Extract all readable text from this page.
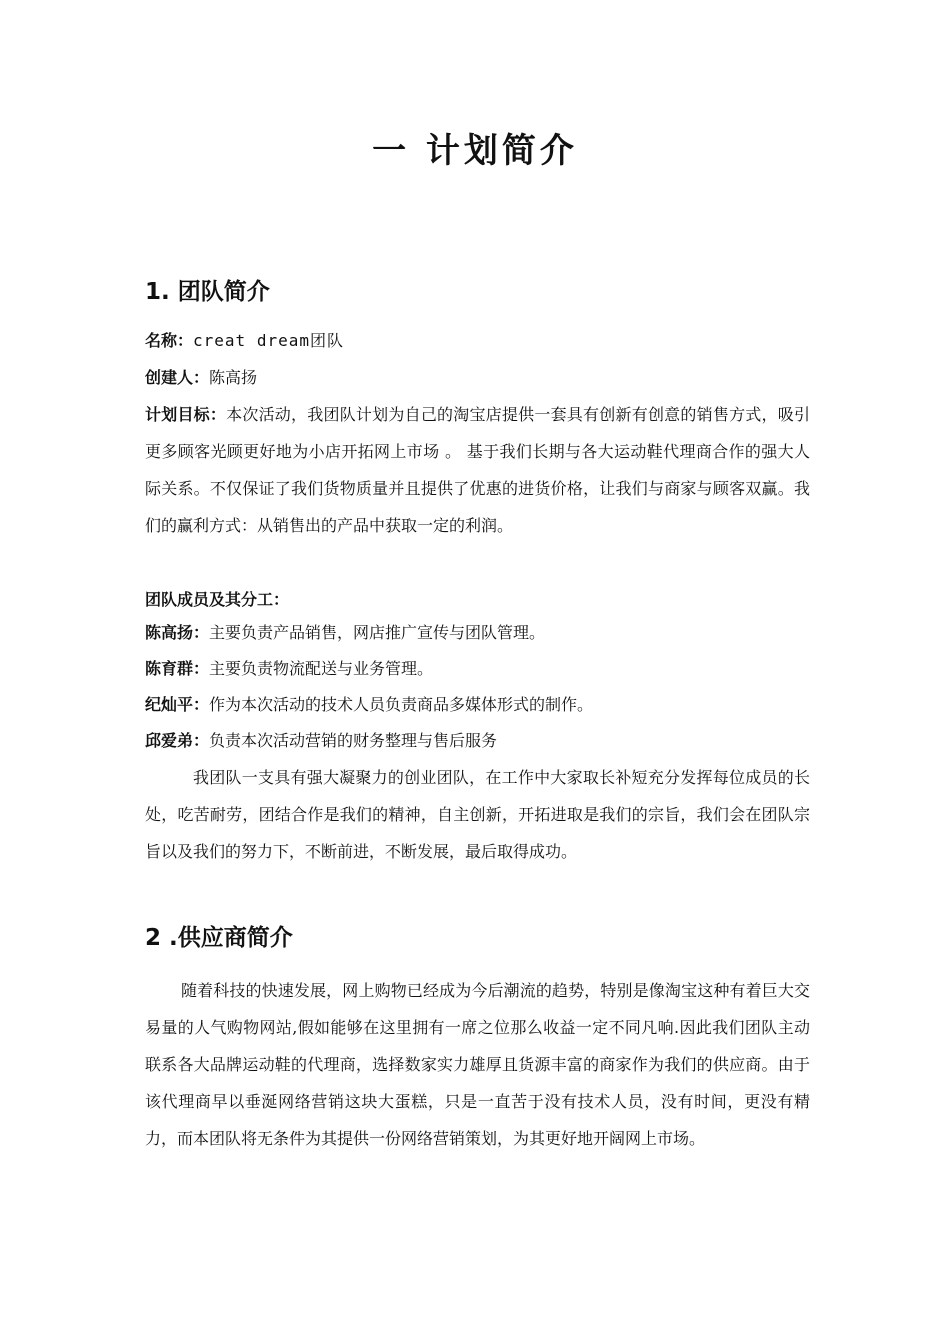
一 计划简介
1. 团队简介
名称：creat dream团队
创建人：陈高扬
计划目标：本次活动，我团队计划为自己的淘宝店提供一套具有创新有创意的销售方式，吸引更多顾客光顾更好地为小店开拓网上市场 。 基于我们长期与各大运动鞋代理商合作的强大人际关系。不仅保证了我们货物质量并且提供了优惠的进货价格，让我们与商家与顾客双赢。我们的赢利方式：从销售出的产品中获取一定的利润。
团队成员及其分工：
陈高扬：主要负责产品销售，网店推广宣传与团队管理。
陈育群：主要负责物流配送与业务管理。
纪灿平：作为本次活动的技术人员负责商品多媒体形式的制作。
邱爱弟：负责本次活动营销的财务整理与售后服务
我团队一支具有强大凝聚力的创业团队，在工作中大家取长补短充分发挥每位成员的长处，吃苦耐劳，团结合作是我们的精神，自主创新，开拓进取是我们的宗旨，我们会在团队宗旨以及我们的努力下，不断前进，不断发展，最后取得成功。
2 .供应商简介
随着科技的快速发展，网上购物已经成为今后潮流的趋势，特别是像淘宝这种有着巨大交易量的人气购物网站,假如能够在这里拥有一席之位那么收益一定不同凡响.因此我们团队主动联系各大品牌运动鞋的代理商，选择数家实力雄厚且货源丰富的商家作为我们的供应商。由于该代理商早以垂涎网络营销这块大蛋糕，只是一直苦于没有技术人员，没有时间，更没有精力，而本团队将无条件为其提供一份网络营销策划，为其更好地开阔网上市场。
